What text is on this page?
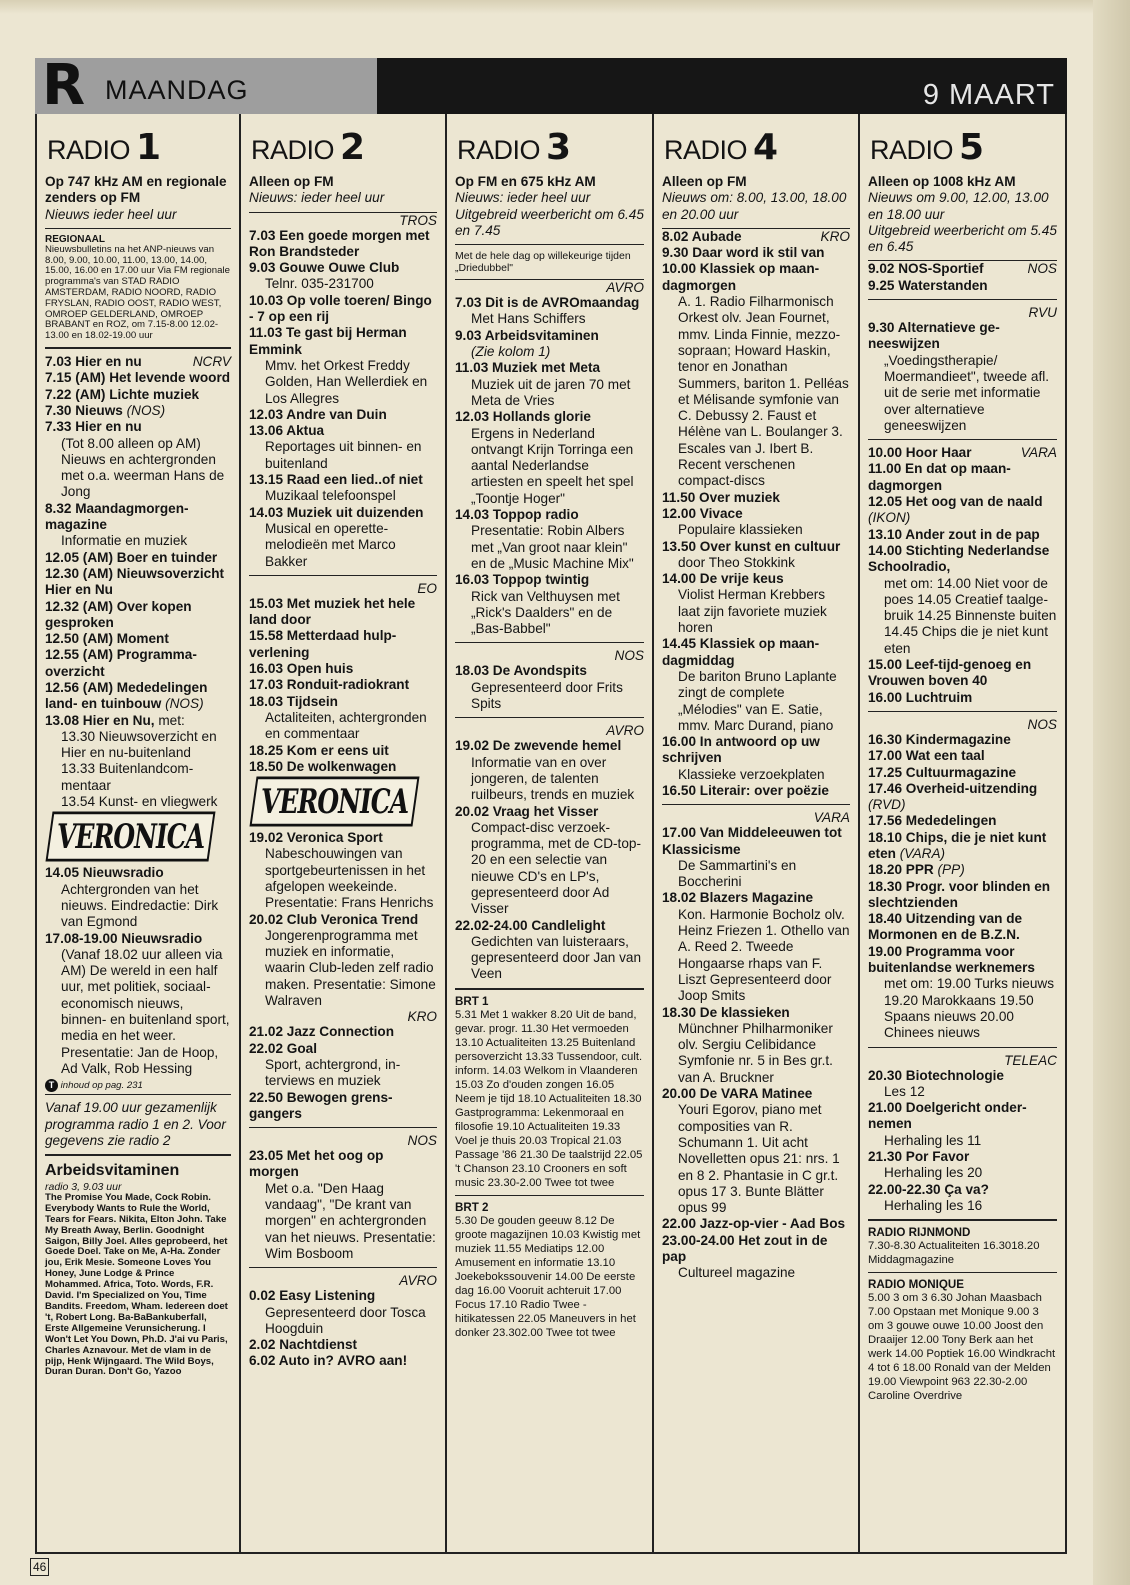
R MAANDAG	9 MAART
RADIO 1

Op 747 kHz AM en regionale zenders op FM

Nieuws ieder heel uur

REGIONAAL

Nieuwsbulletins na het ANP-nieuws van 8.00, 9.00, 10.00, 11.00, 13.00, 14.00, 15.00, 16.00 en 17.00 uur Via FM regionale programma's van STAD RADIO AMSTERDAM, RADIO NOORD, RADIO FRYSLAN, RADIO OOST, RADIO WEST, OMROEP GELDERLAND, OMROEP BRABANT en ROZ, om 7.15-8.00 12.02-13.00 en 18.02-19.00 uur

NCRV
7.03 Hier en nu
7.15 (AM) Het levende woord
7.22 (AM) Lichte muziek
7.30 Nieuws (NOS)
7.33 Hier en nu
(Tot 8.00 alleen op AM) Nieuws en achtergronden met o.a. weerman Hans de Jong
8.32 Maandagmorgenmagazine
Informatie en muziek
12.05 (AM) Boer en tuinder
12.30 (AM) Nieuwsoverzicht Hier en Nu
12.32 (AM) Over kopen gesproken
12.50 (AM) Moment
12.55 (AM) Programmaoverzicht
12.56 (AM) Mededelingen land- en tuinbouw (NOS)
13.08 Hier en Nu, met:
13.30 Nieuwsoverzicht en Hier en nu-buitenland
13.33 Buitenlandcommentaar
13.54 Kunst- en vliegwerk
VERONICA
14.05 Nieuwsradio
Achtergronden van het nieuws. Eindredactie: Dirk van Egmond
17.08-19.00 Nieuwsradio
(Vanaf 18.02 uur alleen via AM) De wereld in een half uur, met politiek, sociaal-economisch nieuws, binnen- en buitenland sport, media en het weer. Presentatie: Jan de Hoop, Ad Valk, Rob Hessing

T inhoud op pag. 231

Vanaf 19.00 uur gezamenlijk programma radio 1 en 2. Voor gegevens zie radio 2

Arbeidsvitaminen

radio 3, 9.03 uur

The Promise You Made, Cock Robin. Everybody Wants to Rule the World, Tears for Fears. Nikita, Elton John. Take My Breath Away, Berlin. Goodnight Saigon, Billy Joel. Alles geprobeerd, het Goede Doel. Take on Me, A-Ha. Zonder jou, Erik Mesie. Someone Loves You Honey, June Lodge & Prince Mohammed. Africa, Toto. Words, F.R. David. I'm Specialized on You, Time Bandits. Freedom, Wham. Iedereen doet 't, Robert Long. Ba-BaBankuberfall, Erste Allgemeine Verunsicherung. I Won't Let You Down, Ph.D. J'ai vu Paris, Charles Aznavour. Met de vlam in de pijp, Henk Wijngaard. The Wild Boys, Duran Duran. Don't Go, Yazoo

RADIO 2

Alleen op FM

Nieuws: ieder heel uur

TROS

7.03 Een goede morgen met Ron Brandsteder
9.03 Gouwe Ouwe Club
Telnr. 035-231700
10.03 Op volle toeren/ Bingo - 7 op een rij
11.03 Te gast bij Herman Emmink
Mmv. het Orkest Freddy Golden, Han Wellerdiek en Los Allegres
12.03 Andre van Duin
13.06 Aktua
Reportages uit binnen- en buitenland
13.15 Raad een lied..of niet
Muzikaal telefoonspel
14.03 Muziek uit duizenden
Musical en operettemelodieën met Marco Bakker

EO

15.03 Met muziek het hele land door
15.58 Metterdaad hulpverlening
16.03 Open huis
17.03 Ronduit-radiokrant
18.03 Tijdsein
Actaliteiten, achtergronden en commentaar
18.25 Kom er eens uit
18.50 De wolkenwagen
VERONICA
19.02 Veronica Sport
Nabeschouwingen van sportgebeurtenissen in het afgelopen weekeinde. Presentatie: Frans Henrichs
20.02 Club Veronica Trend
Jongerenprogramma met muziek en informatie, waarin Club-leden zelf radio maken. Presentatie: Simone Walraven

KRO

21.02 Jazz Connection
22.02 Goal
Sport, achtergrond, interviews en muziek
22.50 Bewogen grensgangers

NOS

23.05 Met het oog op morgen
Met o.a. "Den Haag vandaag", "De krant van morgen" en achtergronden van het nieuws. Presentatie: Wim Bosboom

AVRO

0.02 Easy Listening
Gepresenteerd door Tosca Hoogduin
2.02 Nachtdienst
6.02 Auto in? AVRO aan!
RADIO 3

Op FM en 675 kHz AM

Nieuws: ieder heel uur

Uitgebreid weerbericht om 6.45 en 7.45

Met de hele dag op willekeurige tijden „Driedubbel"

AVRO

7.03 Dit is de AVROmaandag
Met Hans Schiffers
9.03 Arbeidsvitaminen
(Zie kolom 1)
11.03 Muziek met Meta
Muziek uit de jaren 70 met Meta de Vries
12.03 Hollands glorie
Ergens in Nederland ontvangt Krijn Torringa een aantal Nederlandse artiesten en speelt het spel „Toontje Hoger"
14.03 Toppop radio
Presentatie: Robin Albers met „Van groot naar klein" en de „Music Machine Mix"
16.03 Toppop twintig
Rick van Velthuysen met „Rick's Daalders" en de „Bas-Babbel"

NOS

18.03 De Avondspits
Gepresenteerd door Frits Spits

AVRO

19.02 De zwevende hemel
Informatie van en over jongeren, de talenten ruilbeurs, trends en muziek
20.02 Vraag het Visser
Compact-disc verzoekprogramma, met de CD-top-20 en een selectie van nieuwe CD's en LP's, gepresenteerd door Ad Visser
22.02-24.00 Candlelight
Gedichten van luisteraars, gepresenteerd door Jan van Veen

BRT 1

5.31 Met 1 wakker 8.20 Uit de band, gevar. progr. 11.30 Het vermoeden 13.10 Actualiteiten 13.25 Buitenland persoverzicht 13.33 Tussendoor, cult. inform. 14.03 Welkom in Vlaanderen 15.03 Zo d'ouden zongen 16.05 Neem je tijd 18.10 Actualiteiten 18.30 Gastprogramma: Lekenmoraal en filosofie 19.10 Actualiteiten 19.33 Voel je thuis 20.03 Tropical 21.03 Passage '86 21.30 De taalstrijd 22.05 't Chanson 23.10 Crooners en soft music 23.30-2.00 Twee tot twee

BRT 2

5.30 De gouden geeuw 8.12 De groote magazijnen 10.03 Kwistig met muziek 11.55 Mediatips 12.00 Amusement en informatie 13.10 Joekebokssouvenir 14.00 De eerste dag 16.00 Vooruit achteruit 17.00 Focus 17.10 Radio Twee - hitikatessen 22.05 Maneuvers in het donker 23.302.00 Twee tot twee

RADIO 4

Alleen op FM

Nieuws om: 8.00, 13.00, 18.00 en 20.00 uur

KRO
8.02 Aubade
9.30 Daar word ik stil van
10.00 Klassiek op maandagmorgen
A. 1. Radio Filharmonisch Orkest olv. Jean Fournet, mmv. Linda Finnie, mezzo-sopraan; Howard Haskin, tenor en Jonathan Summers, bariton 1. Pelléas et Mélisande symfonie van C. Debussy 2. Faust et Hélène van L. Boulanger 3. Escales van J. Ibert B. Recent verschenen compact-discs
11.50 Over muziek
12.00 Vivace
Populaire klassieken
13.50 Over kunst en cultuur
door Theo Stokkink
14.00 De vrije keus
Violist Herman Krebbers laat zijn favoriete muziek horen
14.45 Klassiek op maandagmiddag
De bariton Bruno Laplante zingt de complete „Mélodies" van E. Satie, mmv. Marc Durand, piano
16.00 In antwoord op uw schrijven
Klassieke verzoekplaten
16.50 Literair: over poëzie

VARA

17.00 Van Middeleeuwen tot Klassicisme
De Sammartini's en Boccherini
18.02 Blazers Magazine
Kon. Harmonie Bocholz olv. Heinz Friezen 1. Othello van A. Reed 2. Tweede Hongaarse rhaps van F. Liszt Gepresenteerd door Joop Smits
18.30 De klassieken
Münchner Philharmoniker olv. Sergiu Celibidance Symfonie nr. 5 in Bes gr.t. van A. Bruckner
20.00 De VARA Matinee
Youri Egorov, piano met composities van R. Schumann 1. Uit acht Novelletten opus 21: nrs. 1 en 8 2. Phantasie in C gr.t. opus 17 3. Bunte Blätter opus 99
22.00 Jazz-op-vier - Aad Bos
23.00-24.00 Het zout in de pap
Cultureel magazine
RADIO 5

Alleen op 1008 kHz AM

Nieuws om 9.00, 12.00, 13.00 en 18.00 uur

Uitgebreid weerbericht om 5.45 en 6.45

NOS
9.02 NOS-Sportief
9.25 Waterstanden

RVU

9.30 Alternatieve geneeswijzen
„Voedingstherapie/ Moermandieet", tweede afl. uit de serie met informatie over alternatieve geneeswijzen
VARA
10.00 Hoor Haar
11.00 En dat op maandagmorgen
12.05 Het oog van de naald (IKON)
13.10 Ander zout in de pap
14.00 Stichting Nederlandse Schoolradio,
met om: 14.00 Niet voor de poes 14.05 Creatief taalgebruik 14.25 Binnenste buiten 14.45 Chips die je niet kunt eten
15.00 Leef-tijd-genoeg en Vrouwen boven 40
16.00 Luchtruim

NOS

16.30 Kindermagazine
17.00 Wat een taal
17.25 Cultuurmagazine
17.46 Overheid-uitzending (RVD)
17.56 Mededelingen
18.10 Chips, die je niet kunt eten (VARA)
18.20 PPR (PP)
18.30 Progr. voor blinden en slechtzienden
18.40 Uitzending van de Mormonen en de B.Z.N.
19.00 Programma voor buitenlandse werknemers
met om: 19.00 Turks nieuws 19.20 Marokkaans 19.50 Spaans nieuws 20.00 Chinees nieuws

TELEAC

20.30 Biotechnologie
Les 12
21.00 Doelgericht ondernemen
Herhaling les 11
21.30 Por Favor
Herhaling les 20
22.00-22.30 Ça va?
Herhaling les 16

RADIO RIJNMOND

7.30-8.30 Actualiteiten 16.3018.20 Middagmagazine

RADIO MONIQUE

5.00 3 om 3 6.30 Johan Maasbach 7.00 Opstaan met Monique 9.00 3 om 3 gouwe ouwe 10.00 Joost den Draaijer 12.00 Tony Berk aan het werk 14.00 Poptiek 16.00 Windkracht 4 tot 6 18.00 Ronald van der Melden 19.00 Viewpoint 963 22.30-2.00 Caroline Overdrive

46
